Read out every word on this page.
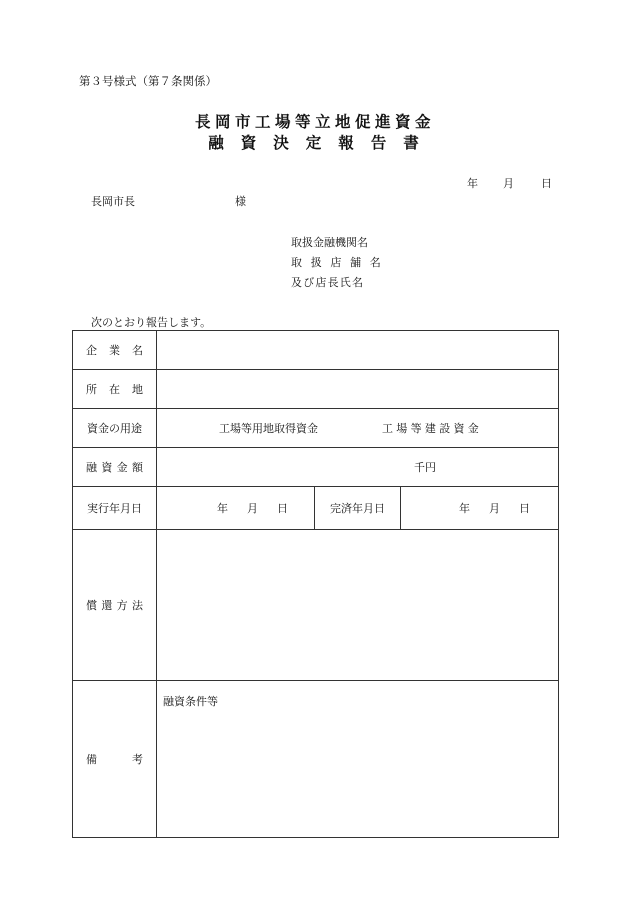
第３号様式（第７条関係）
長岡市工場等立地促進資金
融資決定報告書
年 月 日
長岡市長	様
取扱金融機関名
取 扱 店 舗 名
及び店長氏名
次のとおり報告します。
企 業 名			

所 在 地			

資金の用途	工場等用地取得資金 工場等建設資金		

融 資 金 額	千円		

実行年月日	年 月 日	完済年月日	年 月 日

償 還 方 法			

備 考	融資条件等		
